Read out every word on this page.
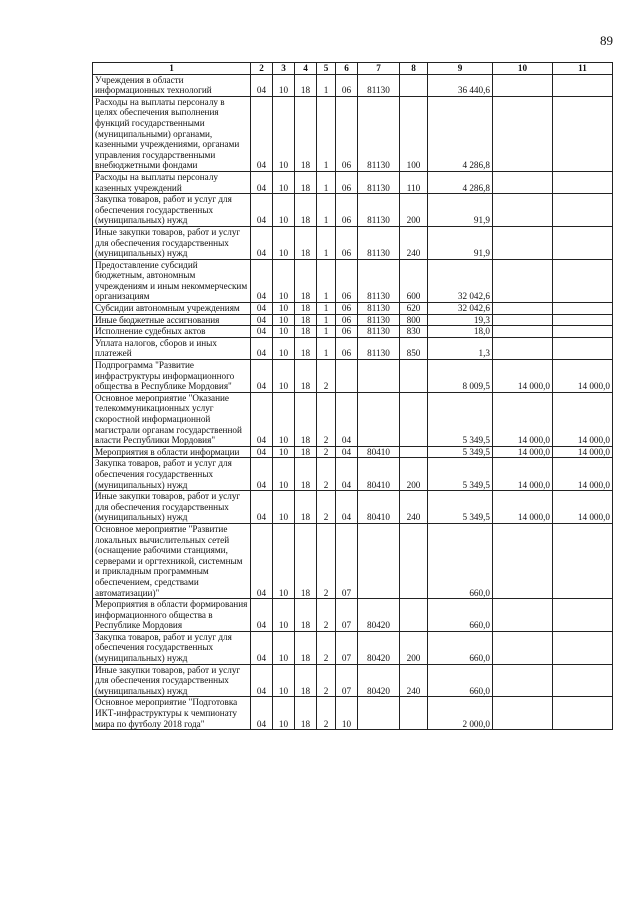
89
1	2	3	4	5	6	7	8	9	10	11
Учреждения в области информационных технологий	04	10	18	1	06	81130		36 440,6		
Расходы на выплаты персоналу в целях обеспечения выполнения функций государственными (муниципальными) органами, казенными учреждениями, органами управления государственными внебюджетными фондами	04	10	18	1	06	81130	100	4 286,8		
Расходы на выплаты персоналу казенных учреждений	04	10	18	1	06	81130	110	4 286,8		
Закупка товаров, работ и услуг для обеспечения государственных (муниципальных) нужд	04	10	18	1	06	81130	200	91,9		
Иные закупки товаров, работ и услуг для обеспечения государственных (муниципальных) нужд	04	10	18	1	06	81130	240	91,9		
Предоставление субсидий бюджетным, автономным учреждениям и иным некоммерческим организациям	04	10	18	1	06	81130	600	32 042,6		
Субсидии автономным учреждениям	04	10	18	1	06	81130	620	32 042,6		
Иные бюджетные ассигнования	04	10	18	1	06	81130	800	19,3		
Исполнение судебных актов	04	10	18	1	06	81130	830	18,0		
Уплата налогов, сборов и иных платежей	04	10	18	1	06	81130	850	1,3		
Подпрограмма "Развитие инфраструктуры информационного общества в Республике Мордовия"	04	10	18	2				8 009,5	14 000,0	14 000,0
Основное мероприятие "Оказание телекоммуникационных услуг скоростной информационной магистрали органам государственной власти Республики Мордовия"	04	10	18	2	04			5 349,5	14 000,0	14 000,0
Мероприятия в области информации	04	10	18	2	04	80410		5 349,5	14 000,0	14 000,0
Закупка товаров, работ и услуг для обеспечения государственных (муниципальных) нужд	04	10	18	2	04	80410	200	5 349,5	14 000,0	14 000,0
Иные закупки товаров, работ и услуг для обеспечения государственных (муниципальных) нужд	04	10	18	2	04	80410	240	5 349,5	14 000,0	14 000,0
Основное мероприятие "Развитие локальных вычислительных сетей (оснащение рабочими станциями, серверами и оргтехникой, системным и прикладным программным обеспечением, средствами автоматизации)"	04	10	18	2	07			660,0		
Мероприятия в области формирования информационного общества в Республике Мордовия	04	10	18	2	07	80420		660,0		
Закупка товаров, работ и услуг для обеспечения государственных (муниципальных) нужд	04	10	18	2	07	80420	200	660,0		
Иные закупки товаров, работ и услуг для обеспечения государственных (муниципальных) нужд	04	10	18	2	07	80420	240	660,0		
Основное мероприятие "Подготовка ИКТ-инфраструктуры к чемпионату мира по футболу 2018 года"	04	10	18	2	10			2 000,0		
